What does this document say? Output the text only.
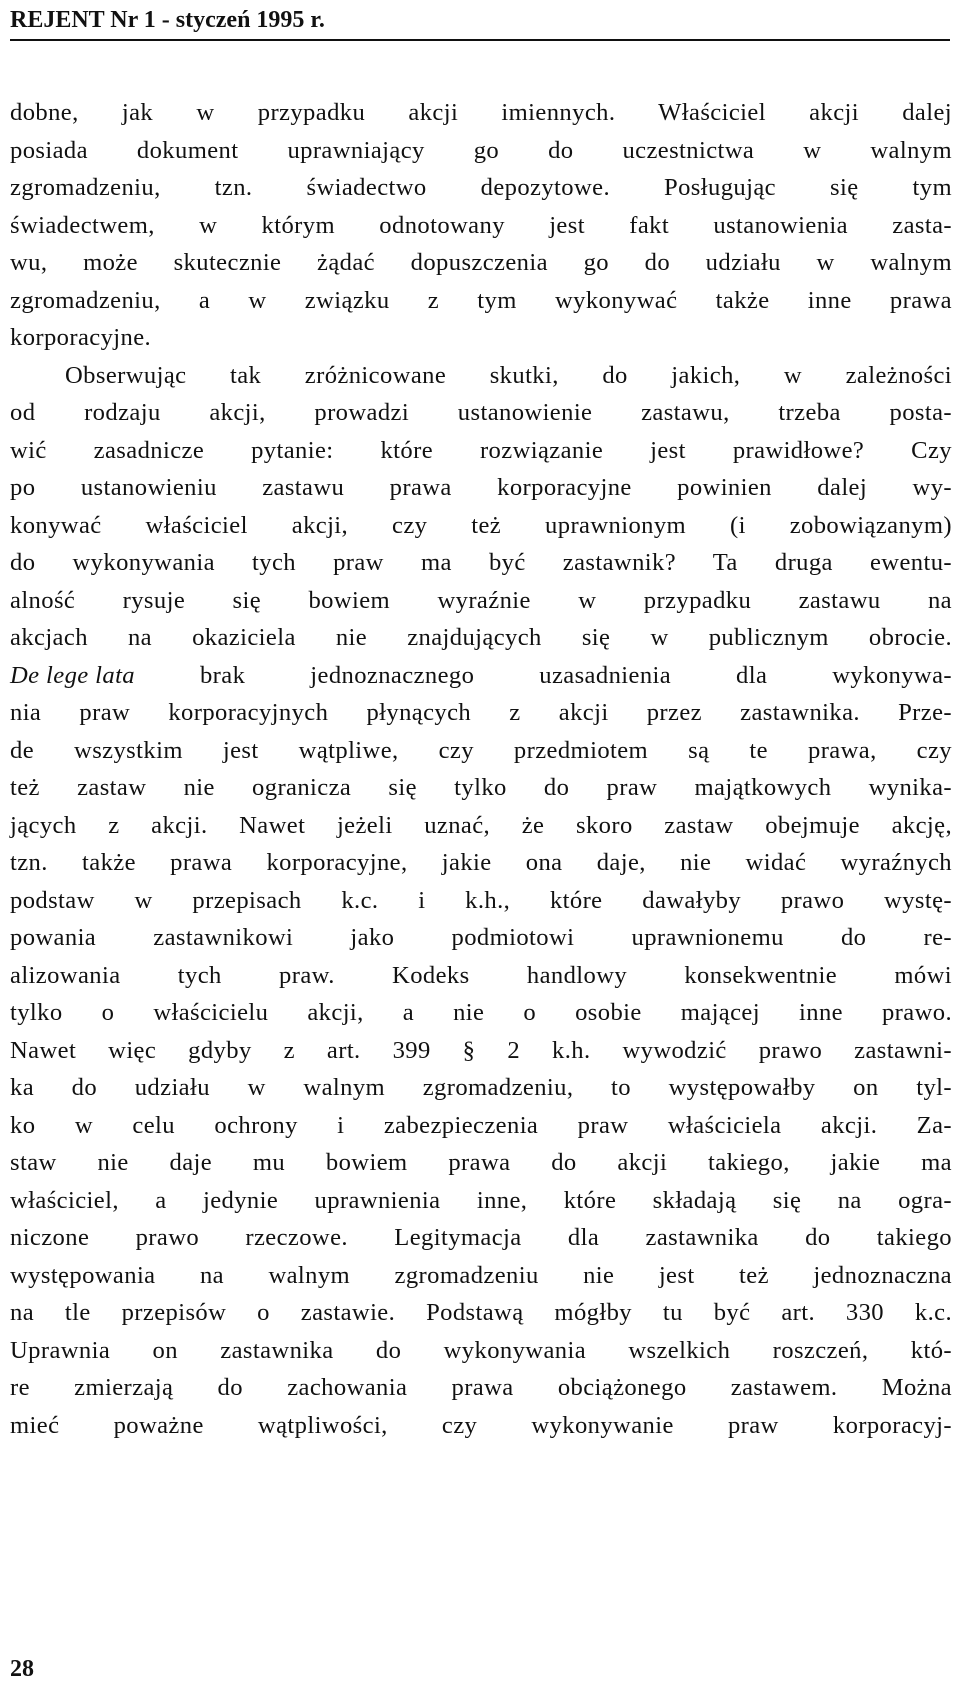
REJENT Nr 1 - styczeń 1995 r.
dobne, jak w przypadku akcji imiennych. Właściciel akcji dalej
posiada dokument uprawniający go do uczestnictwa w walnym
zgromadzeniu, tzn. świadectwo depozytowe. Posługując się tym
świadectwem, w którym odnotowany jest fakt ustanowienia zasta-
wu, może skutecznie żądać dopuszczenia go do udziału w walnym
zgromadzeniu, a w związku z tym wykonywać także inne prawa
korporacyjne.
Obserwując tak zróżnicowane skutki, do jakich, w zależności
od rodzaju akcji, prowadzi ustanowienie zastawu, trzeba posta-
wić zasadnicze pytanie: które rozwiązanie jest prawidłowe? Czy
po ustanowieniu zastawu prawa korporacyjne powinien dalej wy-
konywać właściciel akcji, czy też uprawnionym (i zobowiązanym)
do wykonywania tych praw ma być zastawnik? Ta druga ewentu-
alność rysuje się bowiem wyraźnie w przypadku zastawu na
akcjach na okaziciela nie znajdujących się w publicznym obrocie.
De lege lata brak jednoznacznego uzasadnienia dla wykonywa-
nia praw korporacyjnych płynących z akcji przez zastawnika. Prze-
de wszystkim jest wątpliwe, czy przedmiotem są te prawa, czy
też zastaw nie ogranicza się tylko do praw majątkowych wynika-
jących z akcji. Nawet jeżeli uznać, że skoro zastaw obejmuje akcję,
tzn. także prawa korporacyjne, jakie ona daje, nie widać wyraźnych
podstaw w przepisach k.c. i k.h., które dawałyby prawo wystę-
powania zastawnikowi jako podmiotowi uprawnionemu do re-
alizowania tych praw. Kodeks handlowy konsekwentnie mówi
tylko o właścicielu akcji, a nie o osobie mającej inne prawo.
Nawet więc gdyby z art. 399 § 2 k.h. wywodzić prawo zastawni-
ka do udziału w walnym zgromadzeniu, to występowałby on tyl-
ko w celu ochrony i zabezpieczenia praw właściciela akcji. Za-
staw nie daje mu bowiem prawa do akcji takiego, jakie ma
właściciel, a jedynie uprawnienia inne, które składają się na ogra-
niczone prawo rzeczowe. Legitymacja dla zastawnika do takiego
występowania na walnym zgromadzeniu nie jest też jednoznaczna
na tle przepisów o zastawie. Podstawą mógłby tu być art. 330 k.c.
Uprawnia on zastawnika do wykonywania wszelkich roszczeń, któ-
re zmierzają do zachowania prawa obciążonego zastawem. Można
mieć poważne wątpliwości, czy wykonywanie praw korporacyj-
28
